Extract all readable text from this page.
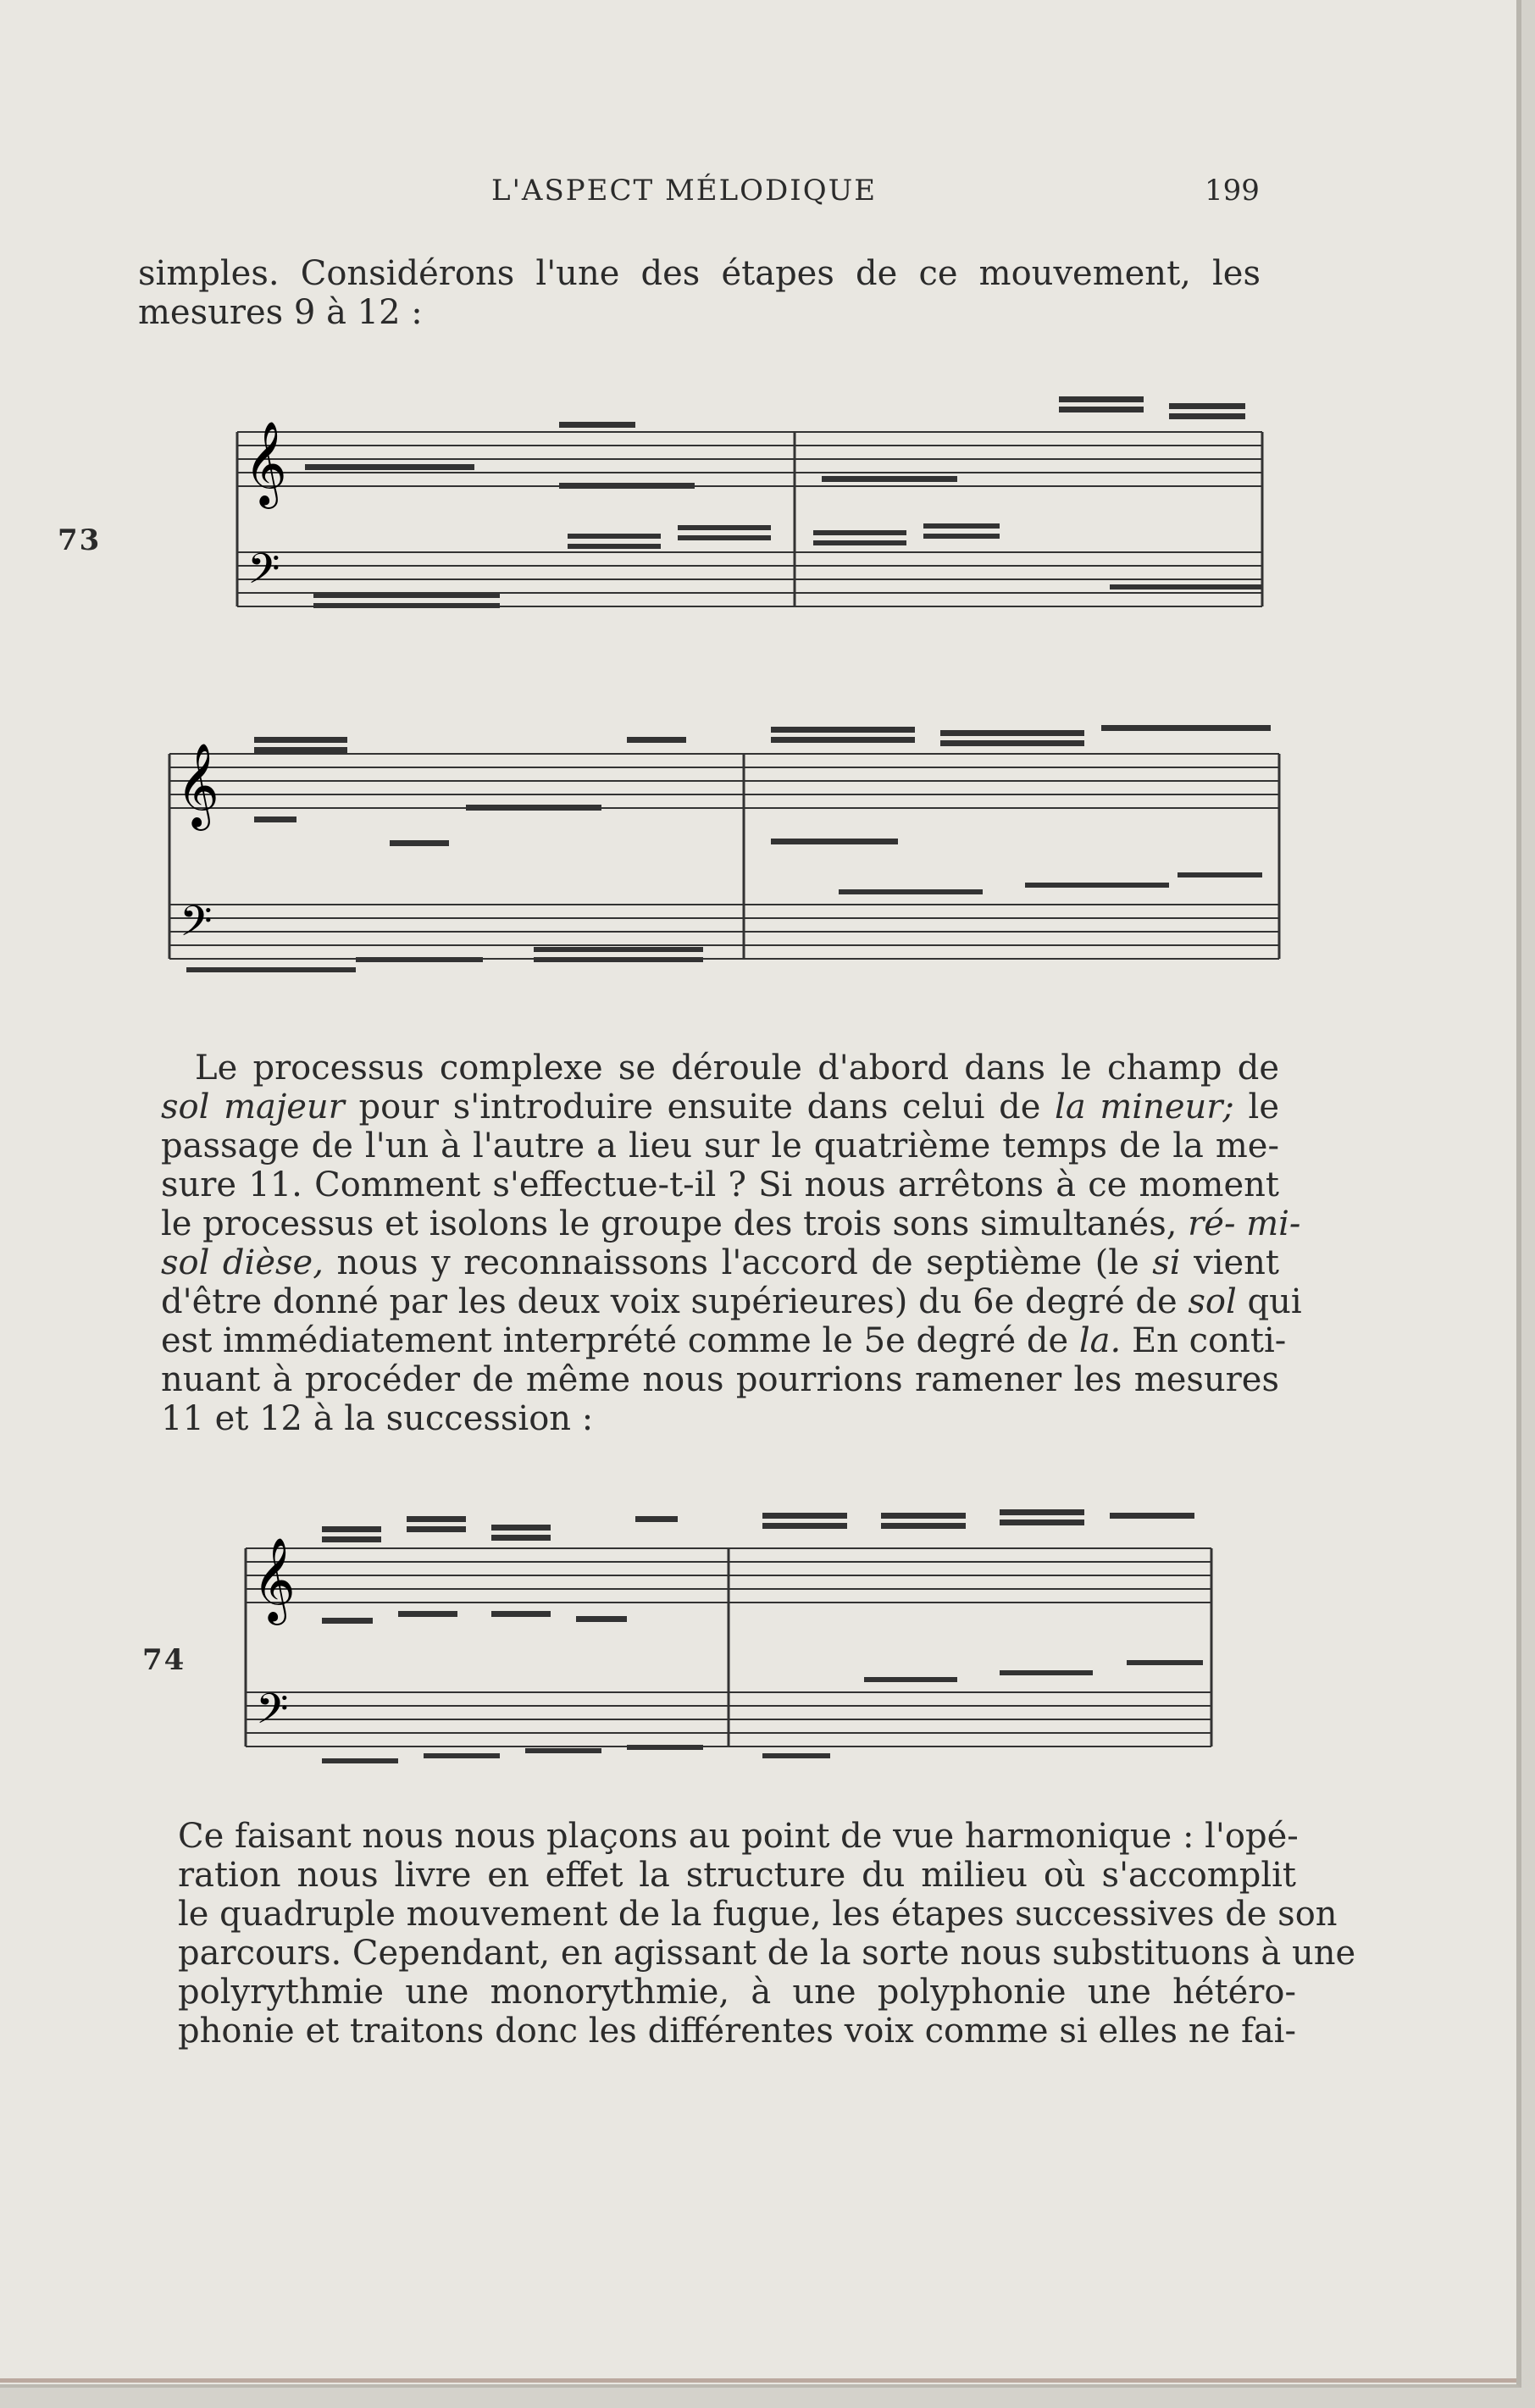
L'ASPECT MÉLODIQUE	199

simples. Considérons l'une des étapes de ce mouvement, les
mesures 9 à 12 :

73
𝄞
𝄢
𝄞
𝄢

Le processus complexe se déroule d'abord dans le champ de
sol majeur pour s'introduire ensuite dans celui de la mineur; le
passage de l'un à l'autre a lieu sur le quatrième temps de la me-
sure 11. Comment s'effectue-t-il ? Si nous arrêtons à ce moment
le processus et isolons le groupe des trois sons simultanés, ré- mi-
sol dièse, nous y reconnaissons l'accord de septième (le si vient
d'être donné par les deux voix supérieures) du 6e degré de sol qui
est immédiatement interprété comme le 5e degré de la. En conti-
nuant à procéder de même nous pourrions ramener les mesures
11 et 12 à la succession :

74
𝄞
𝄢

Ce faisant nous nous plaçons au point de vue harmonique : l'opé-
ration nous livre en effet la structure du milieu où s'accomplit
le quadruple mouvement de la fugue, les étapes successives de son
parcours. Cependant, en agissant de la sorte nous substituons à une
polyrythmie une monorythmie, à une polyphonie une hétéro-
phonie et traitons donc les différentes voix comme si elles ne fai-
